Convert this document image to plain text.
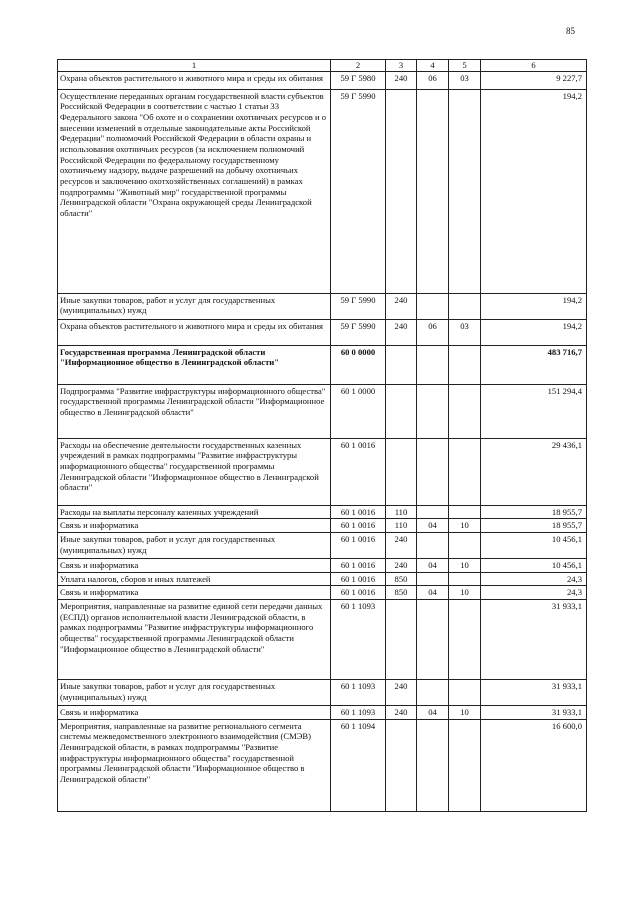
85
1	2	3	4	5	6
Охрана объектов растительного и животного мира и среды их обитания	59 Г 5980	240	06	03	9 227,7
Осуществление переданных органам государственной власти субъектов Российской Федерации в соответствии с частью 1 статьи 33 Федерального закона "Об охоте и о сохранении охотничьих ресурсов и о внесении изменений в отдельные законодательные акты Российской Федерации" полномочий Российской Федерации в области охраны и использования охотничьих ресурсов (за исключением полномочий Российской Федерации по федеральному государственному охотничьему надзору, выдаче разрешений на добычу охотничьих ресурсов и заключению охотхозяйственных соглашений) в рамках подпрограммы "Животный мир" государственной программы Ленинградской области "Охрана окружающей среды Ленинградской области"	59 Г 5990				194,2
Иные закупки товаров, работ и услуг для государственных (муниципальных) нужд	59 Г 5990	240			194,2
Охрана объектов растительного и животного мира и среды их обитания	59 Г 5990	240	06	03	194,2
Государственная программа Ленинградской области "Информационное общество в Ленинградской области"	60 0 0000				483 716,7
Подпрограмма "Развитие инфраструктуры информационного общества" государственной программы Ленинградской области "Информационное общество в Ленинградской области"	60 1 0000				151 294,4
Расходы на обеспечение деятельности государственных казенных учреждений в рамках подпрограммы "Развитие инфраструктуры информационного общества" государственной программы Ленинградской области "Информационное общество в Ленинградской области"	60 1 0016				29 436,1
Расходы на выплаты персоналу казенных учреждений	60 1 0016	110			18 955,7
Связь и информатика	60 1 0016	110	04	10	18 955,7
Иные закупки товаров, работ и услуг для государственных (муниципальных) нужд	60 1 0016	240			10 456,1
Связь и информатика	60 1 0016	240	04	10	10 456,1
Уплата налогов, сборов и иных платежей	60 1 0016	850			24,3
Связь и информатика	60 1 0016	850	04	10	24,3
Мероприятия, направленные на развитие единой сети передачи данных (ЕСПД) органов исполнительной власти Ленинградской области, в рамках подпрограммы "Развитие инфраструктуры информационного общества" государственной программы Ленинградской области "Информационное общество в Ленинградской области"	60 1 1093				31 933,1
Иные закупки товаров, работ и услуг для государственных (муниципальных) нужд	60 1 1093	240			31 933,1
Связь и информатика	60 1 1093	240	04	10	31 933,1
Мероприятия, направленные на развитие регионального сегмента системы межведомственного электронного взаимодействия (СМЭВ) Ленинградской области, в рамках подпрограммы "Развитие инфраструктуры информационного общества" государственной программы Ленинградской области "Информационное общество в Ленинградской области"	60 1 1094				16 600,0
